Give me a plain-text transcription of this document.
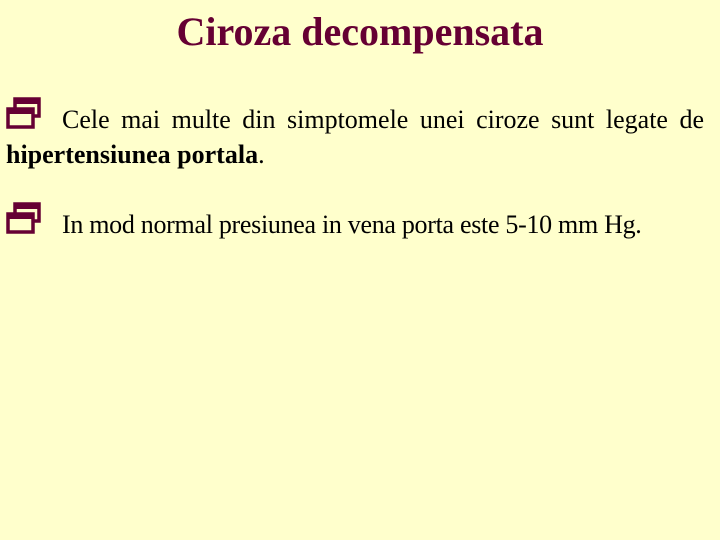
Ciroza decompensata

Cele mai multe din simptomele unei ciroze sunt legate de hipertensiunea portala.

In mod normal presiunea in vena porta este 5-10 mm Hg.
